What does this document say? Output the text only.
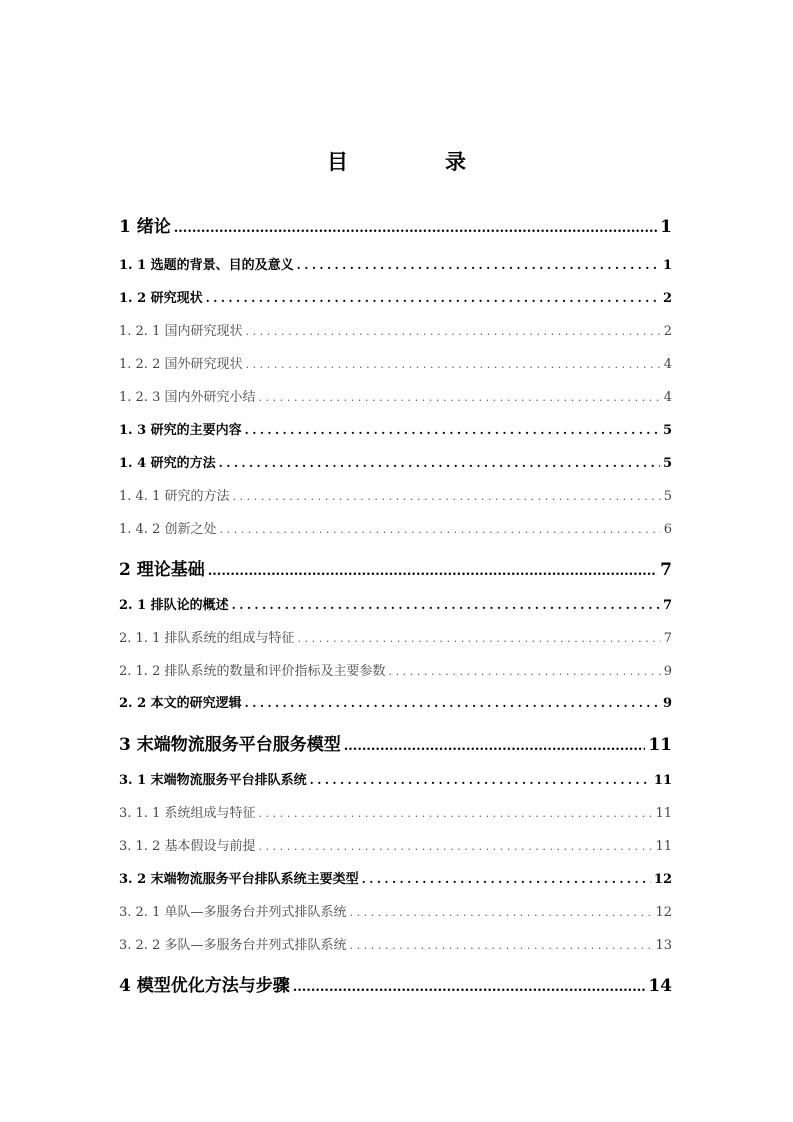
目　录
1 绪论 .....	1
1. 1 选题的背景、目的及意义 .....	1
1. 2 研究现状 .....	2
1. 2. 1 国内研究现状 .....	2
1. 2. 2 国外研究现状 .....	4
1. 2. 3 国内外研究小结 .....	4
1. 3 研究的主要内容 .....	5
1. 4 研究的方法 .....	5
1. 4. 1 研究的方法 .....	5
1. 4. 2 创新之处 .....	6
2 理论基础 .....	7
2. 1 排队论的概述 .....	7
2. 1. 1 排队系统的组成与特征 .....	7
2. 1. 2 排队系统的数量和评价指标及主要参数 .....	9
2. 2 本文的研究逻辑 .....	9
3 末端物流服务平台服务模型 .....	11
3. 1 末端物流服务平台排队系统 .....	11
3. 1. 1 系统组成与特征 .....	11
3. 1. 2 基本假设与前提 .....	11
3. 2 末端物流服务平台排队系统主要类型 .....	12
3. 2. 1 单队—多服务台并列式排队系统 .....	12
3. 2. 2 多队—多服务台并列式排队系统 .....	13
4 模型优化方法与步骤 .....	14
